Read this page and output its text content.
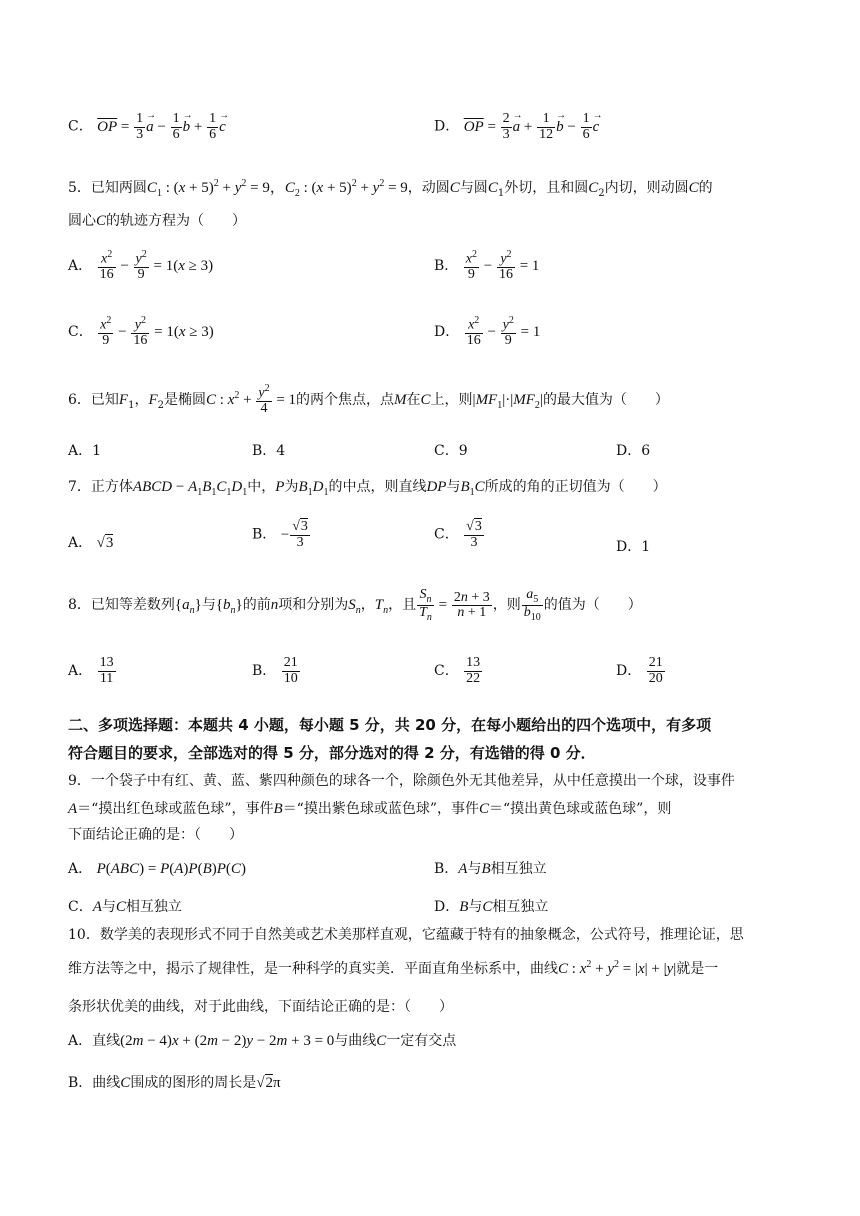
C． $\overline{OP} = \frac{1}{3} \to a - \frac{1}{6} \to b + \frac{1}{6} \to c$	D． $\overline{OP} = \frac{2}{3} \to a + \frac{1}{12} \to b - \frac{1}{6} \to c$
5．已知两圆$C_1$ : $(x + 5)^2 + y^2 = 9$，$C_2$ : $(x + 5)^2 + y^2 = 9$，动圆C与圆$C_1$外切，且和圆$C_2$内切，则动圆C的
圆心C的轨迹方程为（　　）
A． $\frac{x^2}{16} - \frac{y^2}{9} = 1(x \ge 3)$	B． $\frac{x^2}{9} - \frac{y^2}{16} = 1$
C． $\frac{x^2}{9} - \frac{y^2}{16} = 1(x \ge 3)$	D． $\frac{x^2}{16} - \frac{y^2}{9} = 1$
6．已知$F_1$，$F_2$是椭圆C : $x^2 + \frac{y^2}{4} = 1$的两个焦点，点M在C上，则$|MF_1|\cdot|MF_2|$的最大值为（　　）
A．1	B．4	C．9	D．6
7．正方体ABCD − $A_1B_1C_1D_1$中，P为$B_1D_1$的中点，则直线DP与$B_1C$所成的角的正切值为（　　）
A． √3
B． − $\frac{√3}{3}$	C． $\frac{√3}{3}$	D．1
8．已知等差数列$\{a_n\}$与$\{b_n\}$的前n项和分别为$S_n$，$T_n$，且 $\frac{S_n}{T_n} = \frac{2n + 3}{n + 1}$ ，则 $\frac{a_5}{b_{10}}$ 的值为（　　）
A． $\frac{13}{11}$	B． $\frac{21}{10}$	C． $\frac{13}{22}$	D． $\frac{21}{20}$
二、多项选择题：本题共 4 小题，每小题 5 分，共 20 分，在每小题给出的四个选项中，有多项
符合题目的要求，全部选对的得 5 分，部分选对的得 2 分，有选错的得 0 分．
9．一个袋子中有红、黄、蓝、紫四种颜色的球各一个，除颜色外无其他差异，从中任意摸出一个球，设事件
A＝“摸出红色球或蓝色球”，事件B＝“摸出紫色球或蓝色球”，事件C＝“摸出黄色球或蓝色球”，则
下面结论正确的是：（　　）
A． P(ABC) = P(A)P(B)P(C)	B．A与B相互独立
C．A与C相互独立	D．B与C相互独立
10．数学美的表现形式不同于自然美或艺术美那样直观，它蕴藏于特有的抽象概念，公式符号，推理论证，思
维方法等之中，揭示了规律性，是一种科学的真实美．平面直角坐标系中，曲线C : $x^2 + y^2 = |x| + |y|$就是一
条形状优美的曲线，对于此曲线，下面结论正确的是：（　　）
A．直线(2m − 4)x + (2m − 2)y − 2m + 3 = 0与曲线C一定有交点
B．曲线C围成的图形的周长是√2π
